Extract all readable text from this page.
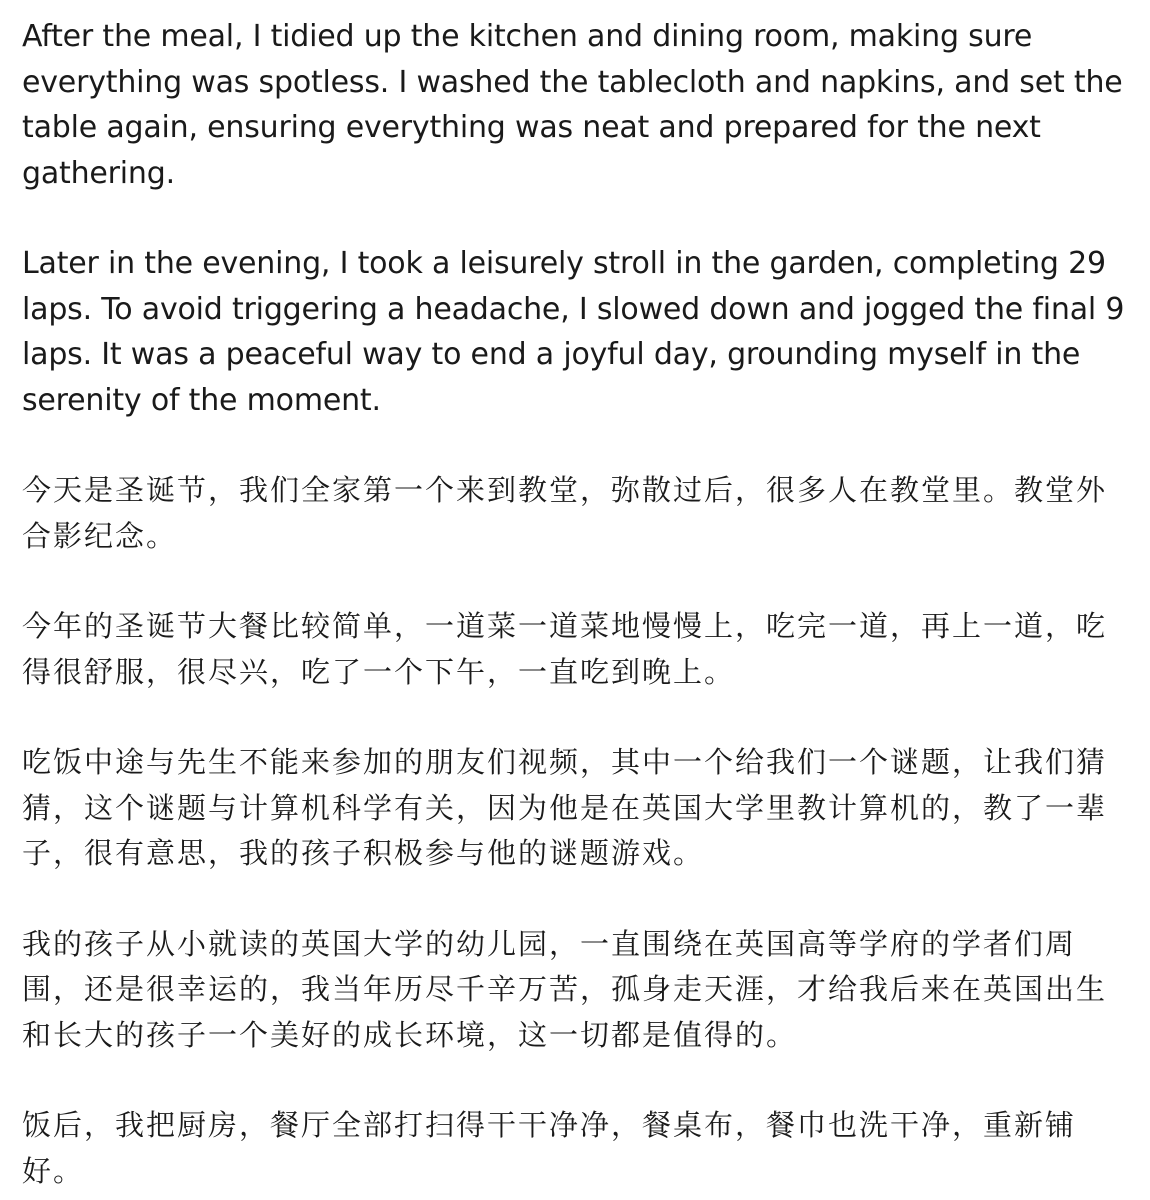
After the meal, I tidied up the kitchen and dining room, making sure everything was spotless. I washed the tablecloth and napkins, and set the table again, ensuring everything was neat and prepared for the next gathering.

Later in the evening, I took a leisurely stroll in the garden, completing 29 laps. To avoid triggering a headache, I slowed down and jogged the final 9 laps. It was a peaceful way to end a joyful day, grounding myself in the serenity of the moment.

今天是圣诞节，我们全家第一个来到教堂，弥散过后，很多人在教堂里。教堂外合影纪念。

今年的圣诞节大餐比较简单，一道菜一道菜地慢慢上，吃完一道，再上一道，吃得很舒服，很尽兴，吃了一个下午，一直吃到晚上。

吃饭中途与先生不能来参加的朋友们视频，其中一个给我们一个谜题，让我们猜猜，这个谜题与计算机科学有关，因为他是在英国大学里教计算机的，教了一辈子，很有意思，我的孩子积极参与他的谜题游戏。

我的孩子从小就读的英国大学的幼儿园，一直围绕在英国高等学府的学者们周围，还是很幸运的，我当年历尽千辛万苦，孤身走天涯，才给我后来在英国出生和长大的孩子一个美好的成长环境，这一切都是值得的。

饭后，我把厨房，餐厅全部打扫得干干净净，餐桌布，餐巾也洗干净，重新铺好。
